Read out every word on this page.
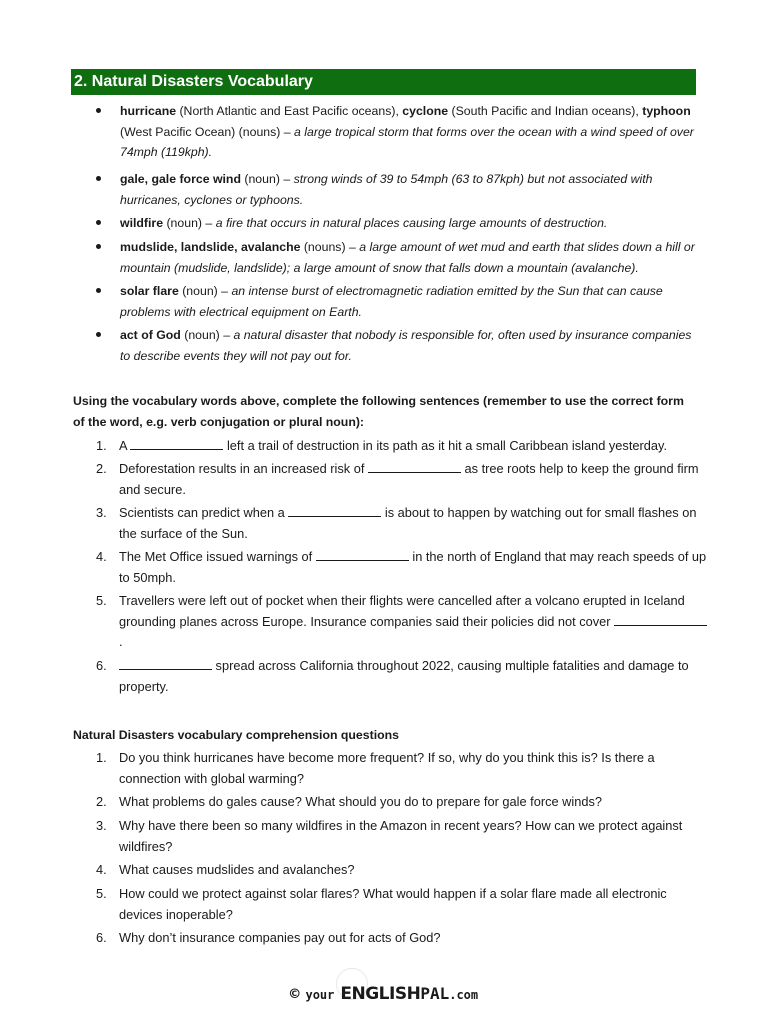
2. Natural Disasters Vocabulary
hurricane (North Atlantic and East Pacific oceans), cyclone (South Pacific and Indian oceans), typhoon (West Pacific Ocean) (nouns) – a large tropical storm that forms over the ocean with a wind speed of over 74mph (119kph).
gale, gale force wind (noun) – strong winds of 39 to 54mph (63 to 87kph) but not associated with hurricanes, cyclones or typhoons.
wildfire (noun) – a fire that occurs in natural places causing large amounts of destruction.
mudslide, landslide, avalanche (nouns) – a large amount of wet mud and earth that slides down a hill or mountain (mudslide, landslide); a large amount of snow that falls down a mountain (avalanche).
solar flare (noun) – an intense burst of electromagnetic radiation emitted by the Sun that can cause problems with electrical equipment on Earth.
act of God (noun) – a natural disaster that nobody is responsible for, often used by insurance companies to describe events they will not pay out for.
Using the vocabulary words above, complete the following sentences (remember to use the correct form of the word, e.g. verb conjugation or plural noun):
1. A	left a trail of destruction in its path as it hit a small Caribbean island yesterday.
2. Deforestation results in an increased risk of	as tree roots help to keep the ground firm and secure.
3. Scientists can predict when a	is about to happen by watching out for small flashes on the surface of the Sun.
4. The Met Office issued warnings of	in the north of England that may reach speeds of up to 50mph.
5. Travellers were left out of pocket when their flights were cancelled after a volcano erupted in Iceland grounding planes across Europe. Insurance companies said their policies did not cover .
6.	spread across California throughout 2022, causing multiple fatalities and damage to property.
Natural Disasters vocabulary comprehension questions
1. Do you think hurricanes have become more frequent? If so, why do you think this is? Is there a connection with global warming?
2. What problems do gales cause? What should you do to prepare for gale force winds?
3. Why have there been so many wildfires in the Amazon in recent years? How can we protect against wildfires?
4. What causes mudslides and avalanches?
5. How could we protect against solar flares? What would happen if a solar flare made all electronic devices inoperable?
6. Why don’t insurance companies pay out for acts of God?
© your ENGLISH PAL .com
